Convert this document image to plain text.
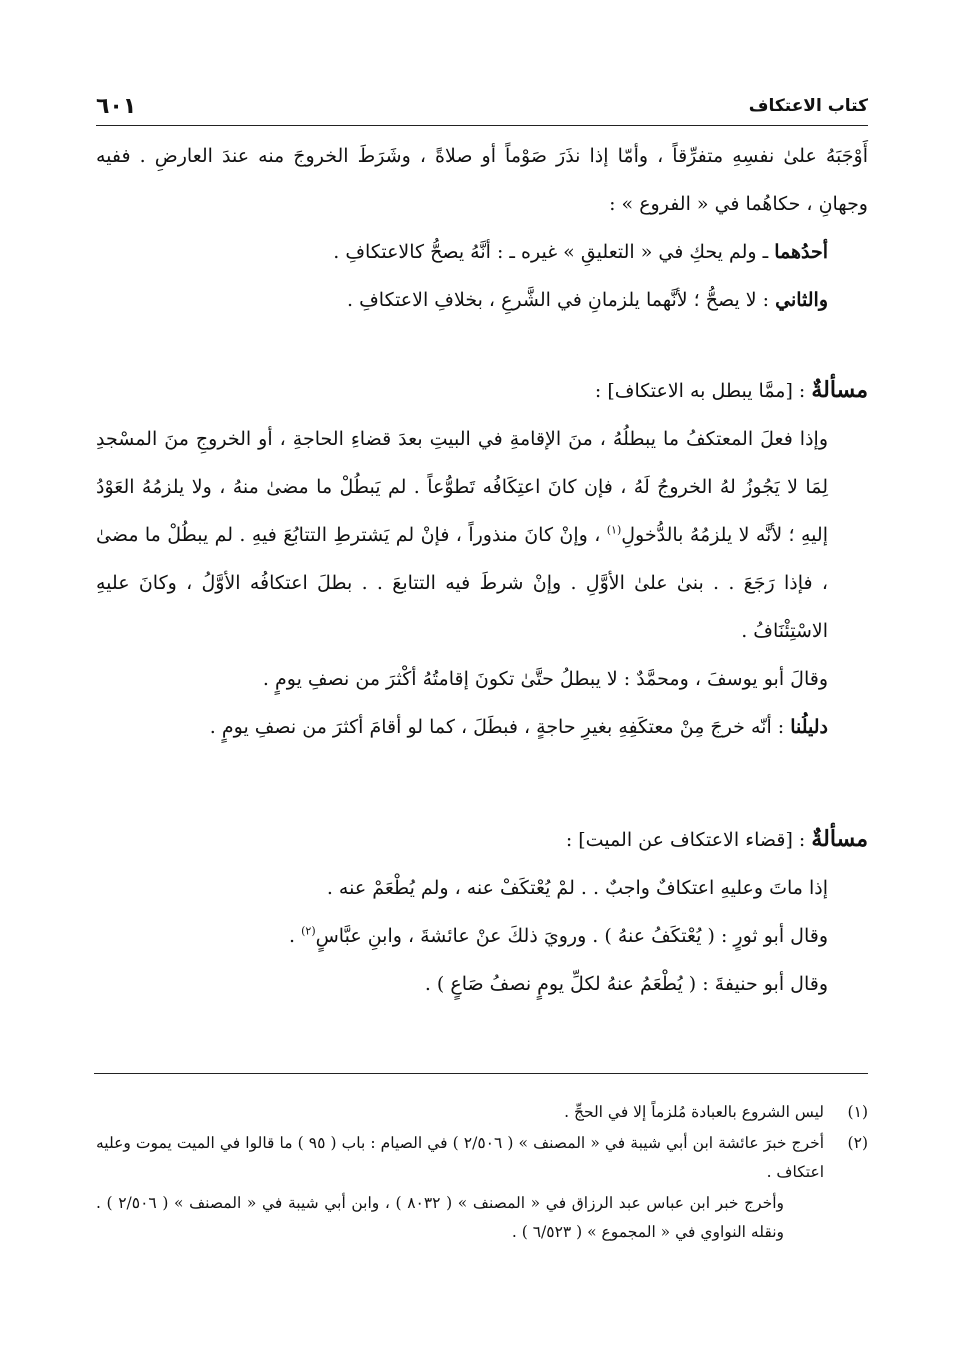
كتاب الاعتكاف
٦٠١

أَوْجَبَهُ علىٰ نفسِهِ متفرِّقاً ، وأمّا إذا نذَرَ صَوْماً أو صلاةً ، وشَرَطَ الخروجَ منه عندَ العارضِ . ففيه وجهانِ ، حكاهُما في « الفروع » :

أحدُهما ـ ولم يحكِ في « التعليقِ » غيره ـ : أنَّهُ يصحُّ كالاعتكافِ .

والثاني : لا يصحُّ ؛ لأنَّهما يلزمانِ في الشَّرعِ ، بخلافِ الاعتكافِ .

مسألةٌ : [ممَّا يبطل به الاعتكاف] :

وإذا فعلَ المعتكفُ ما يبطلُهُ ، منَ الإقامةِ في البيتِ بعدَ قضاءِ الحاجةِ ، أو الخروجِ منَ المسْجدِ لِمَا لا يَجُوزُ لهُ الخروجُ لَهُ ، فإن كانَ اعتِكَافُه تَطوُّعاً . لم يَبطُلْ ما مضىٰ منهُ ، ولا يلزمُهُ العَوْدُ إليهِ ؛ لأنَّه لا يلزمُهُ بالدُّخولِ$^{(١)}$ ، وإنْ كانَ منذوراً ، فإنْ لم يَشترطِ التتابُعَ فيهِ . لم يبطُلْ ما مضىٰ ، فإذا رَجَعَ . . بنىٰ علىٰ الأوَّلِ . وإنْ شرطَ فيه التتابعَ . . بطلَ اعتكافُه الأوَّلُ ، وكانَ عليهِ الاسْتِئْنَافُ .

وقالَ أبو يوسفَ ، ومحمَّدٌ : لا يبطلُ حتَّىٰ تكونَ إقامتُهُ أكْثرَ من نصفِ يومٍ .

دليلُنا : أنّه خرجَ مِنْ معتكَفِهِ بغيرِ حاجةٍ ، فبطَلَ ، كما لو أقامَ أكثرَ من نصفِ يومٍ .

مسألةٌ : [قضاء الاعتكاف عن الميت] :

إذا ماتَ وعليهِ اعتكافٌ واجبٌ . . لمْ يُعْتكَفْ عنه ، ولم يُطْعَمْ عنه .

وقال أبو ثورٍ : ( يُعْتكَفُ عنهُ ) . ورويَ ذلكَ عنْ عائشةَ ، وابنِ عبَّاسٍ$^{(٢)}$ .

وقال أبو حنيفةَ : ( يُطْعَمُ عنهُ لكلِّ يومٍ نصفُ صَاعٍ ) .

(١)
ليس الشروع بالعبادة مُلزماً إلا في الحجِّ .

(٢)
أخرج خبرَ عائشة ابن أبي شيبة في « المصنف » ( ٢/٥٠٦ ) في الصيام : باب ( ٩٥ ) ما قالوا في الميت يموت وعليه اعتكاف .

وأخرج خبر ابن عباس عبد الرزاق في « المصنف » ( ٨٠٣٢ ) ، وابن أبي شيبة في « المصنف » ( ٢/٥٠٦ ) . ونقله النواوي في « المجموع » ( ٦/٥٢٣ ) .
